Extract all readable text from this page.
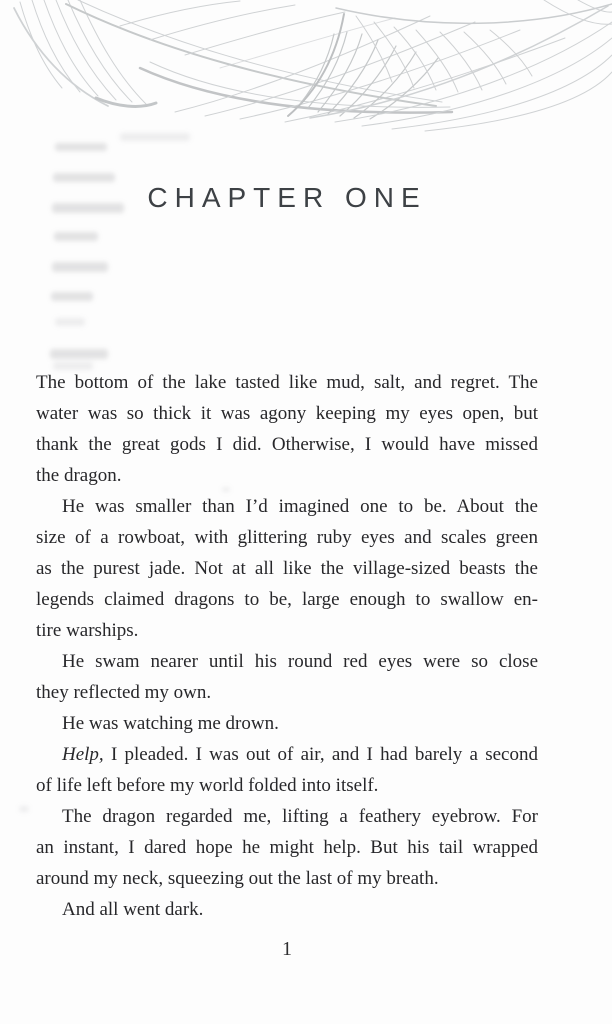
CHAPTER ONE
The bottom of the lake tasted like mud, salt, and regret. The
water was so thick it was agony keeping my eyes open, but
thank the great gods I did. Otherwise, I would have missed
the dragon.
He was smaller than I’d imagined one to be. About the
size of a rowboat, with glittering ruby eyes and scales green
as the purest jade. Not at all like the village-sized beasts the
legends claimed dragons to be, large enough to swallow en-
tire warships.
He swam nearer until his round red eyes were so close
they reflected my own.
He was watching me drown.
Help, I pleaded. I was out of air, and I had barely a second
of life left before my world folded into itself.
The dragon regarded me, lifting a feathery eyebrow. For
an instant, I dared hope he might help. But his tail wrapped
around my neck, squeezing out the last of my breath.
And all went dark.
1
